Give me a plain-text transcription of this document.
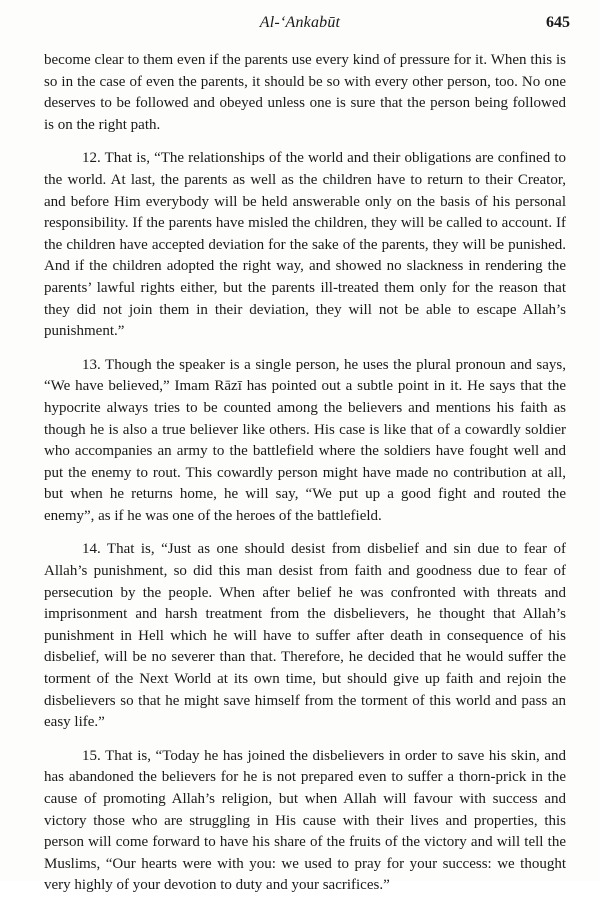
Al-‘Ankabūt	645

become clear to them even if the parents use every kind of pressure for it. When this is so in the case of even the parents, it should be so with every other person, too. No one deserves to be followed and obeyed unless one is sure that the person being followed is on the right path.

12. That is, “The relationships of the world and their obligations are confined to the world. At last, the parents as well as the children have to return to their Creator, and before Him everybody will be held answerable only on the basis of his personal responsibility. If the parents have misled the children, they will be called to account. If the children have accepted deviation for the sake of the parents, they will be punished. And if the children adopted the right way, and showed no slackness in rendering the parents’ lawful rights either, but the parents ill-treated them only for the reason that they did not join them in their deviation, they will not be able to escape Allah’s punishment.”

13. Though the speaker is a single person, he uses the plural pronoun and says, “We have believed,” Imam Rāzī has pointed out a subtle point in it. He says that the hypocrite always tries to be counted among the believers and mentions his faith as though he is also a true believer like others. His case is like that of a cowardly soldier who accompanies an army to the battlefield where the soldiers have fought well and put the enemy to rout. This cowardly person might have made no contribution at all, but when he returns home, he will say, “We put up a good fight and routed the enemy”, as if he was one of the heroes of the battlefield.

14. That is, “Just as one should desist from disbelief and sin due to fear of Allah’s punishment, so did this man desist from faith and goodness due to fear of persecution by the people. When after belief he was confronted with threats and imprisonment and harsh treatment from the disbelievers, he thought that Allah’s punishment in Hell which he will have to suffer after death in consequence of his disbelief, will be no severer than that. Therefore, he decided that he would suffer the torment of the Next World at its own time, but should give up faith and rejoin the disbelievers so that he might save himself from the torment of this world and pass an easy life.”

15. That is, “Today he has joined the disbelievers in order to save his skin, and has abandoned the believers for he is not prepared even to suffer a thorn-prick in the cause of promoting Allah’s religion, but when Allah will favour with success and victory those who are struggling in His cause with their lives and properties, this person will come forward to have his share of the fruits of the victory and will tell the Muslims, “Our hearts were with you: we used to pray for your success: we thought very highly of your devotion to duty and your sacrifices.”
